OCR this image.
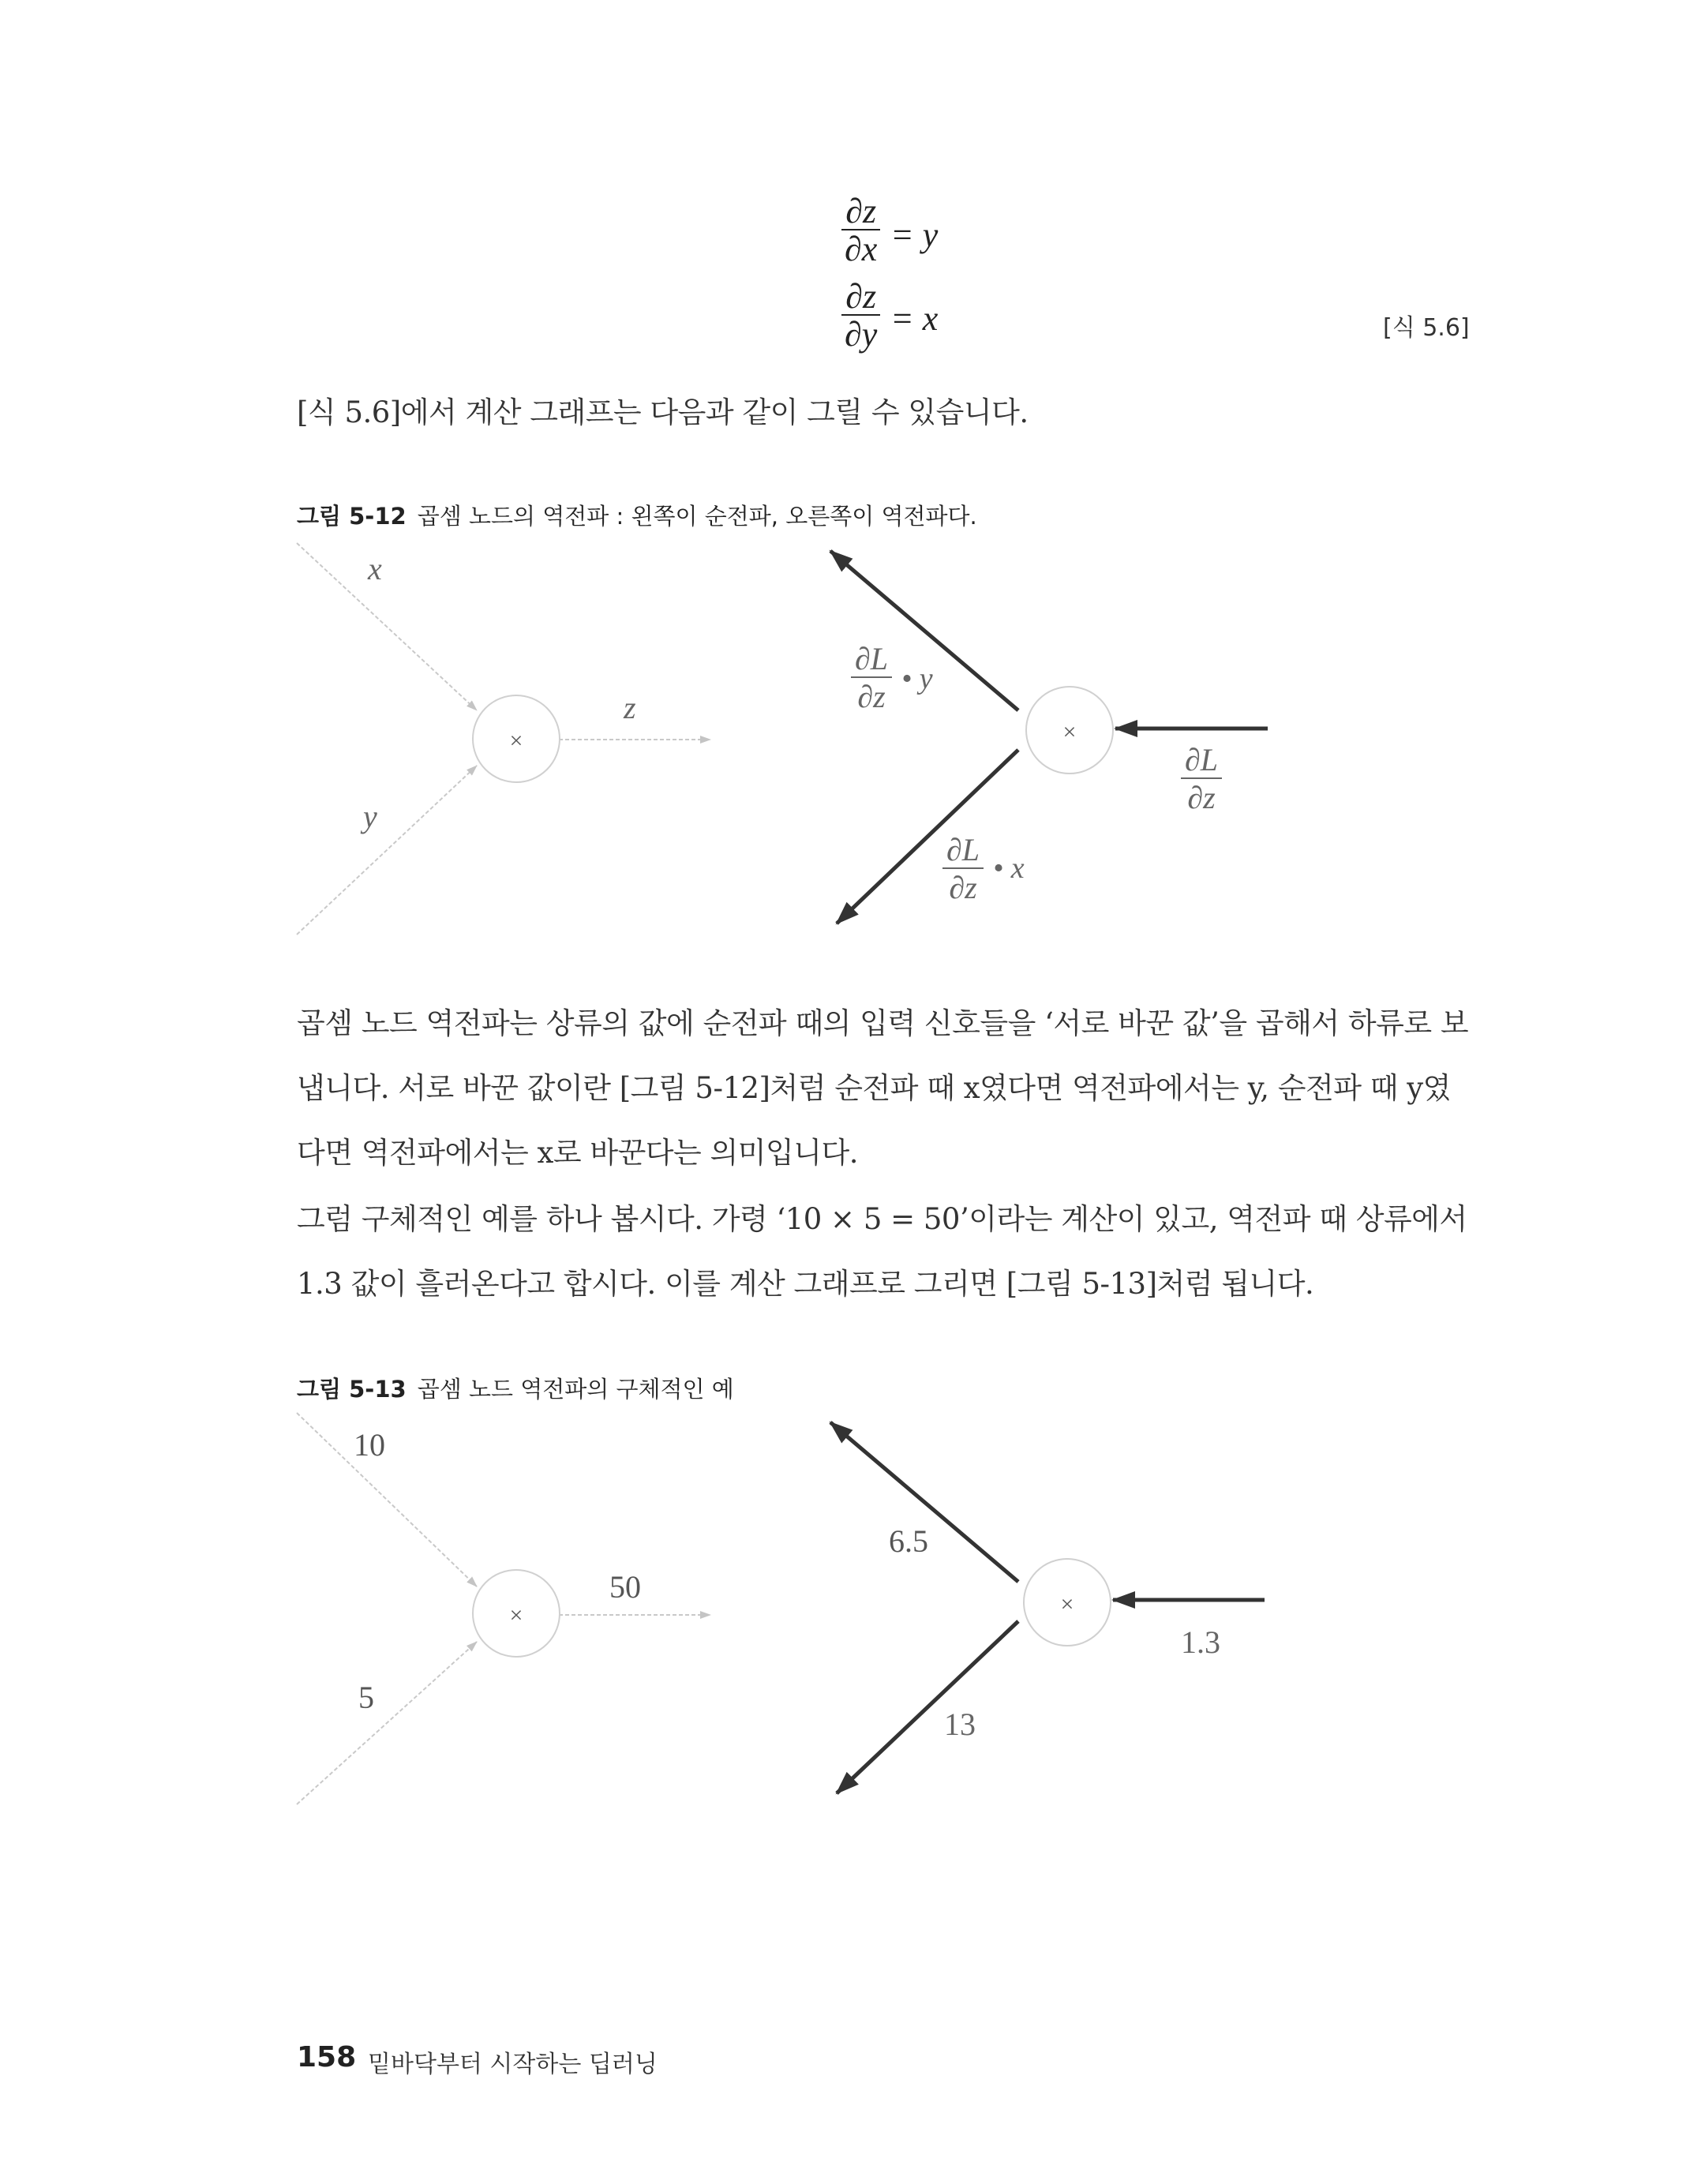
$\frac{\partial z}{\partial x} = y$
$\frac{\partial z}{\partial y} = x$	[식 5.6]
[식 5.6]에서 계산 그래프는 다음과 같이 그릴 수 있습니다.
그림 5-12 곱셈 노드의 역전파 : 왼쪽이 순전파, 오른쪽이 역전파다.
×
x
y
z
×
∂L
∂z
∂L
∂z • y
∂L
∂z
• x
×
10
5
50	×
1.3
6.5
13
곱셈 노드 역전파는 상류의 값에 순전파 때의 입력 신호들을 ‘서로 바꾼 값’을 곱해서 하류로 보
냅니다. 서로 바꾼 값이란 [그림 5-12]처럼 순전파 때 x였다면 역전파에서는 y, 순전파 때 y였
다면 역전파에서는 x로 바꾼다는 의미입니다.
그럼 구체적인 예를 하나 봅시다. 가령 ‘10 × 5 = 50’이라는 계산이 있고, 역전파 때 상류에서
1.3 값이 흘러온다고 합시다. 이를 계산 그래프로 그리면 [그림 5-13]처럼 됩니다.
그림 5-13 곱셈 노드 역전파의 구체적인 예
158 밑바닥부터 시작하는 딥러닝
